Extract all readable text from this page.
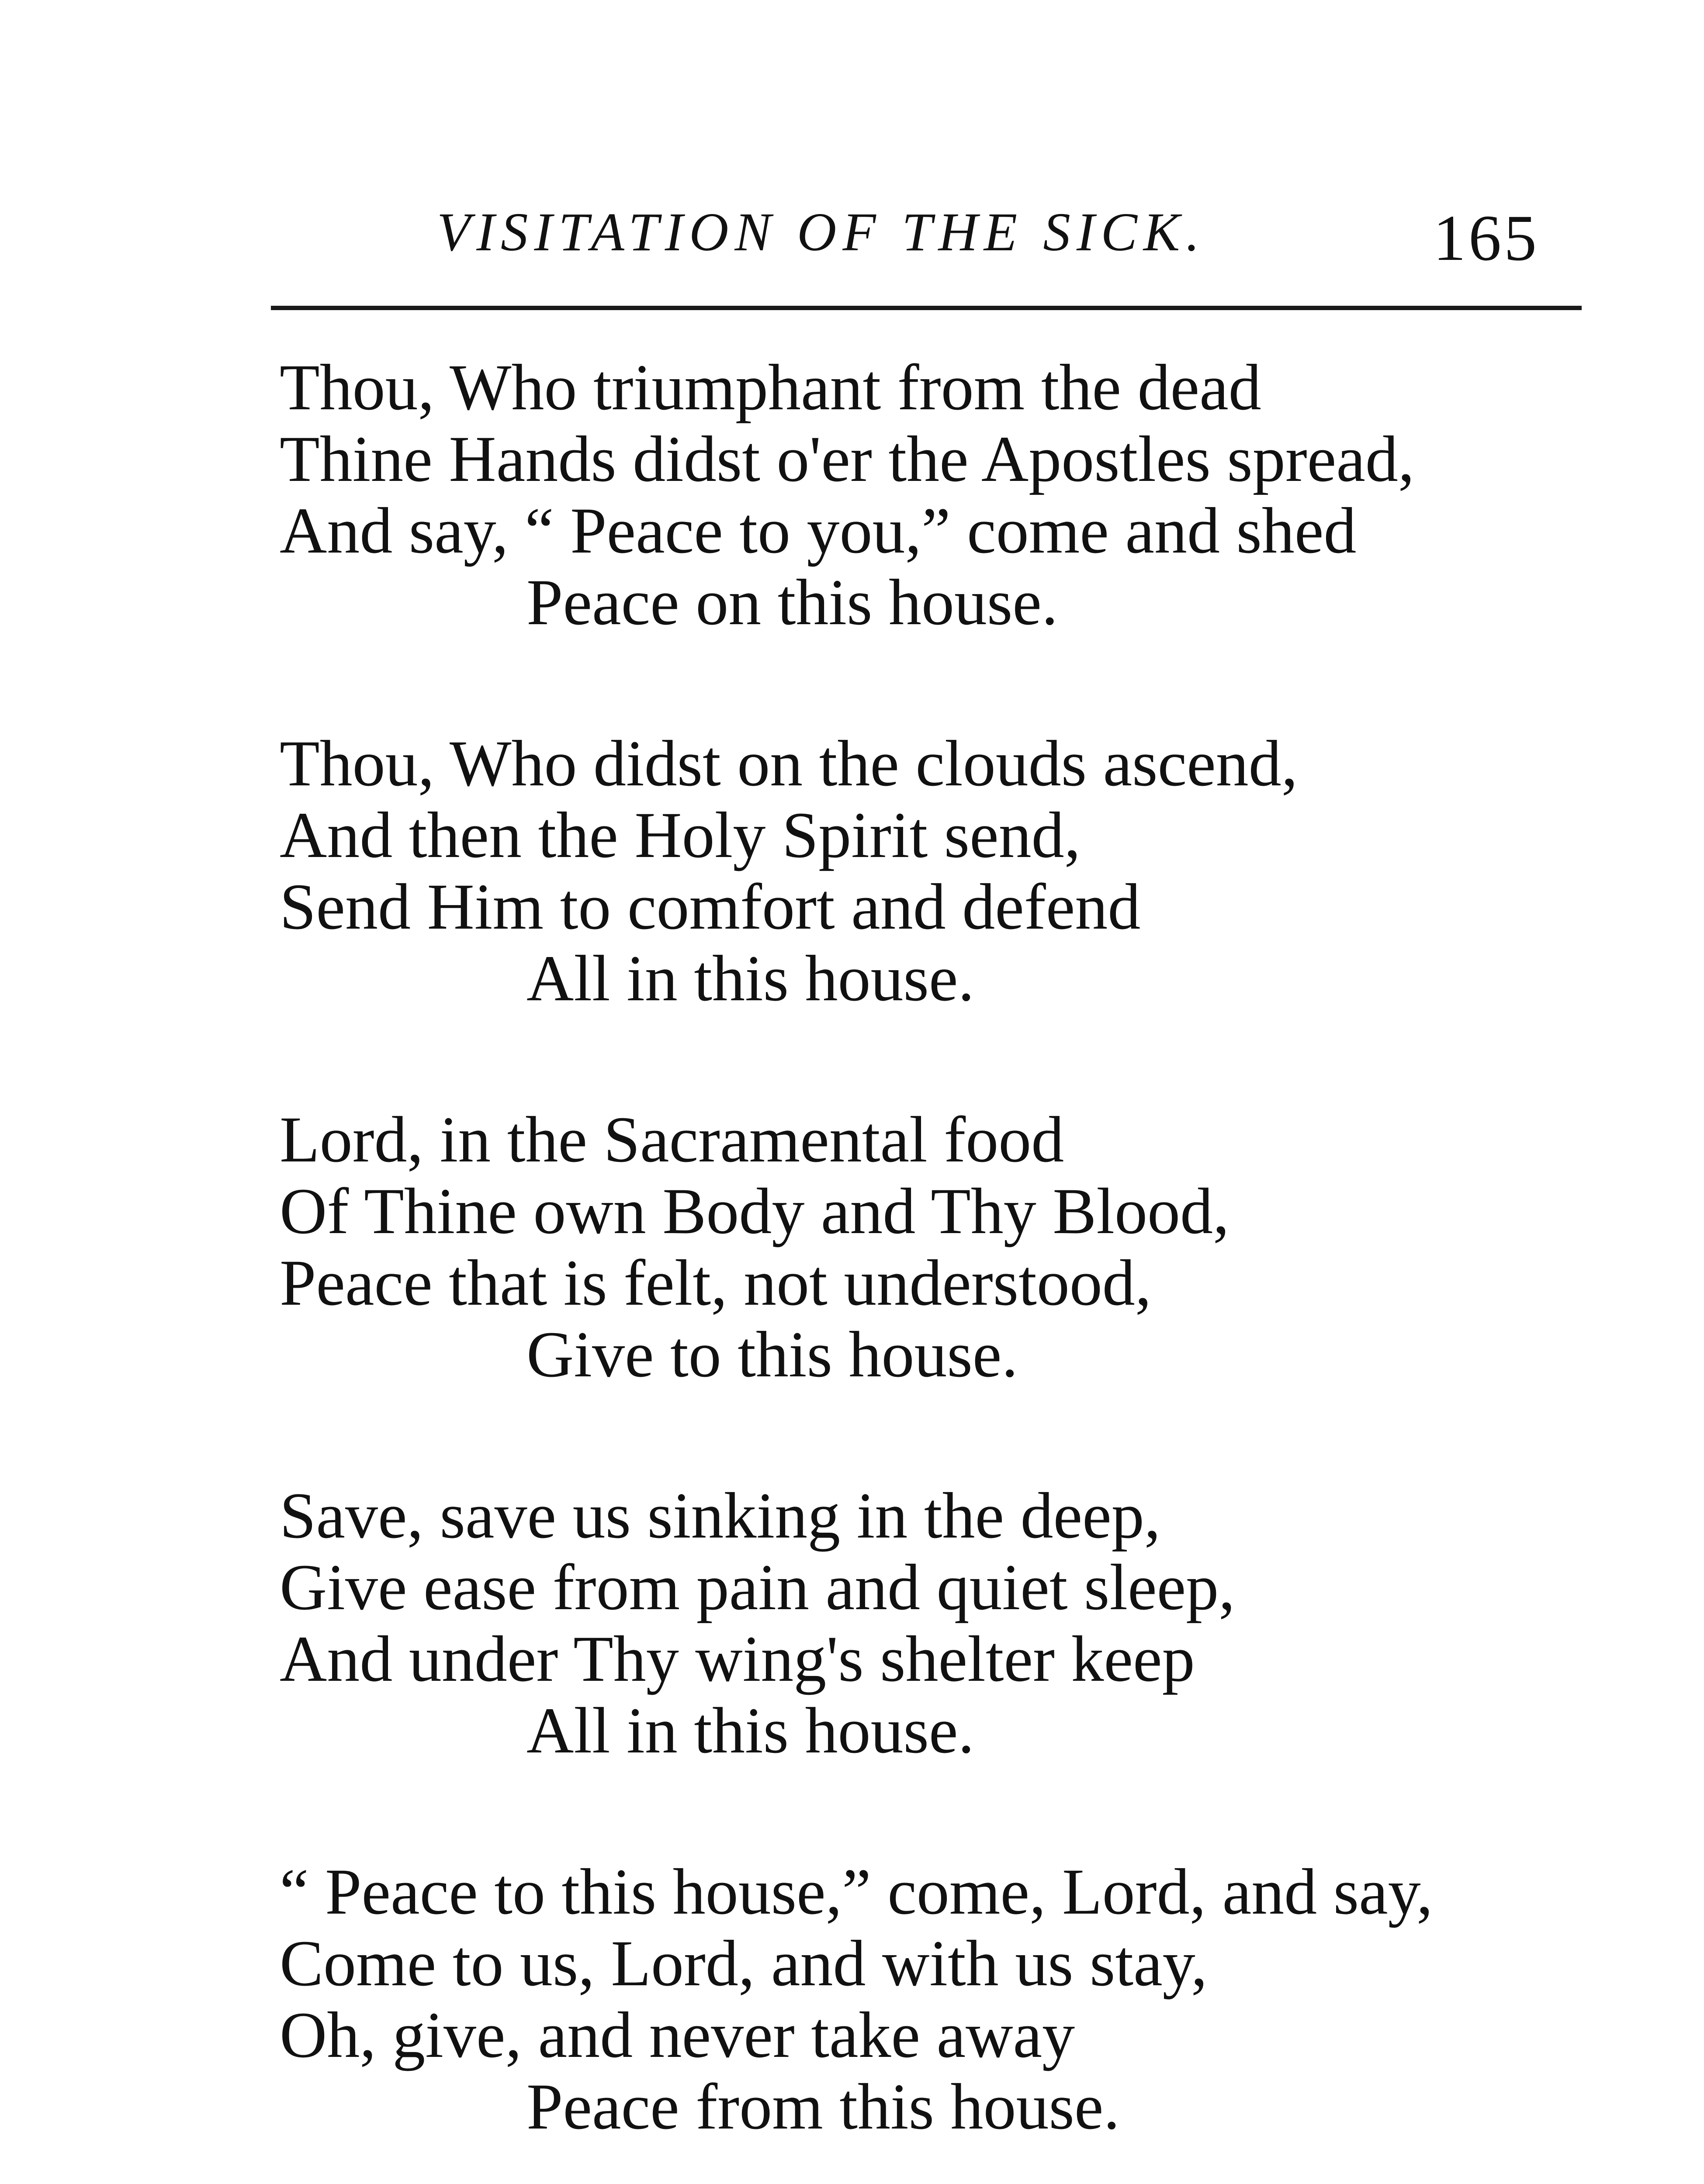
VISITATION OF THE SICK.	165
Thou, Who triumphant from the dead
Thine Hands didst o'er the Apostles spread,
And say, “ Peace to you,” come and shed
Peace on this house.
Thou, Who didst on the clouds ascend,
And then the Holy Spirit send,
Send Him to comfort and defend
All in this house.
Lord, in the Sacramental food
Of Thine own Body and Thy Blood,
Peace that is felt, not understood,
Give to this house.
Save, save us sinking in the deep,
Give ease from pain and quiet sleep,
And under Thy wing's shelter keep
All in this house.
“ Peace to this house,” come, Lord, and say,
Come to us, Lord, and with us stay,
Oh, give, and never take away
Peace from this house.
